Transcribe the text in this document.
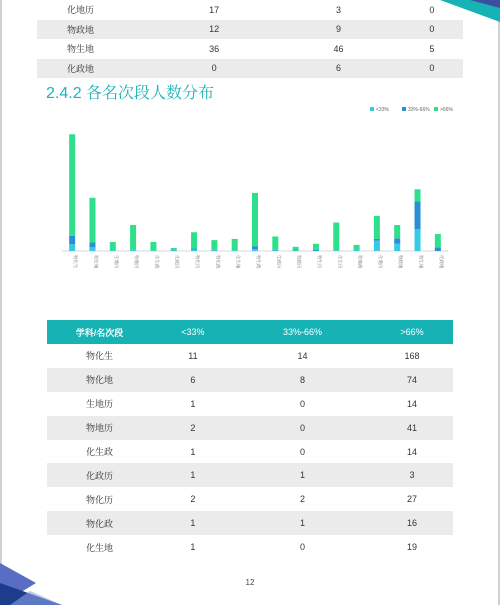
化地历	17	3	0
物政地	12	9	0
物生地	36	46	5
化政地	0	6	0
2.4.2 各名次段人数分布
<33%	33%-66% >66%
物化生	物化地	生地历	物地历	化生政	化政历	物化历	物化政	化生地	物生政	生政历	物政历	物生历	化生历	物地政	化地历	物政地	物生地	化政地
学科/名次段	<33%	33%-66%	>66%
物化生	11	14	168
物化地	6	8	74
生地历	1	0	14
物地历	2	0	41
化生政	1	0	14
化政历	1	1	3
物化历	2	2	27
物化政	1	1	16
化生地	1	0	19
12
